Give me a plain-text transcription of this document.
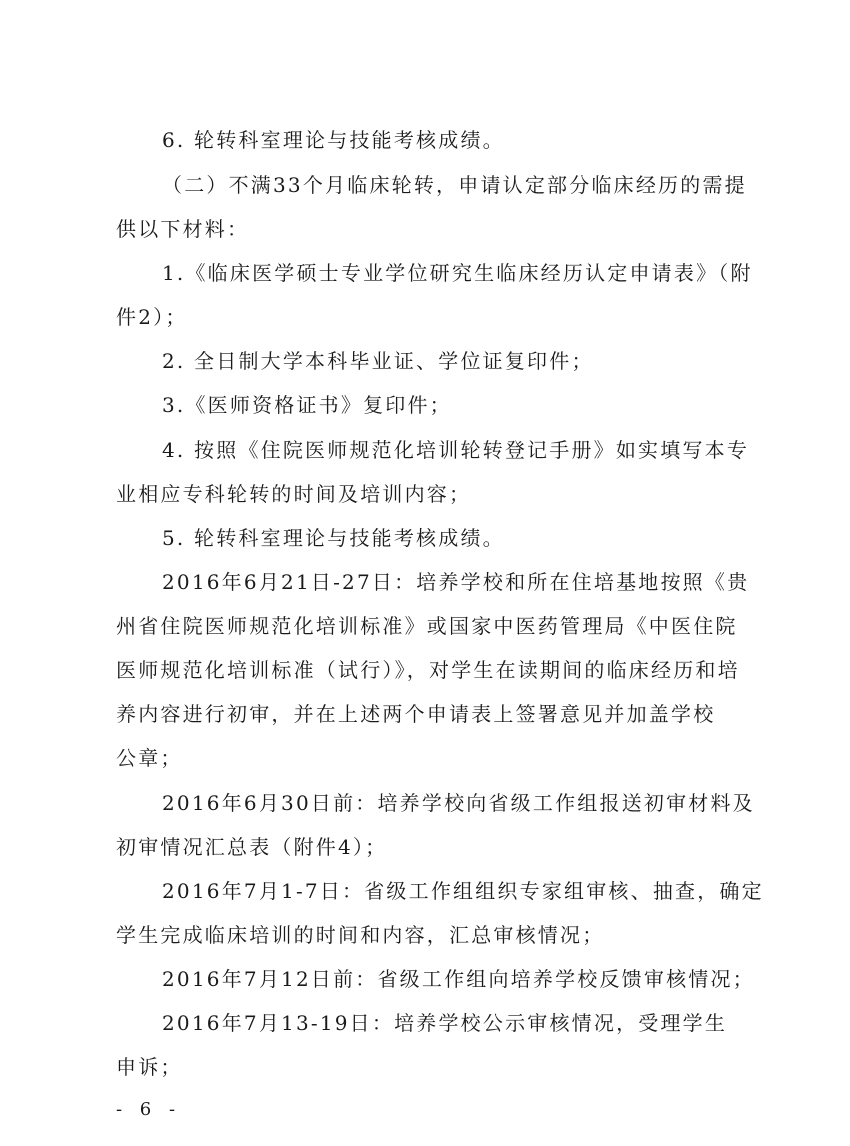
6. 轮转科室理论与技能考核成绩。
（二）不满33个月临床轮转，申请认定部分临床经历的需提
供以下材料：
1.《临床医学硕士专业学位研究生临床经历认定申请表》（附
件2）；
2. 全日制大学本科毕业证、学位证复印件；
3.《医师资格证书》复印件；
4. 按照《住院医师规范化培训轮转登记手册》如实填写本专
业相应专科轮转的时间及培训内容；
5. 轮转科室理论与技能考核成绩。
2016年6月21日-27日：培养学校和所在住培基地按照《贵
州省住院医师规范化培训标准》或国家中医药管理局《中医住院
医师规范化培训标准（试行）》，对学生在读期间的临床经历和培
养内容进行初审，并在上述两个申请表上签署意见并加盖学校
公章；
2016年6月30日前：培养学校向省级工作组报送初审材料及
初审情况汇总表（附件4）；
2016年7月1-7日：省级工作组组织专家组审核、抽查，确定
学生完成临床培训的时间和内容，汇总审核情况；
2016年7月12日前：省级工作组向培养学校反馈审核情况；
2016年7月13-19日：培养学校公示审核情况，受理学生
申诉；
- 6 -
